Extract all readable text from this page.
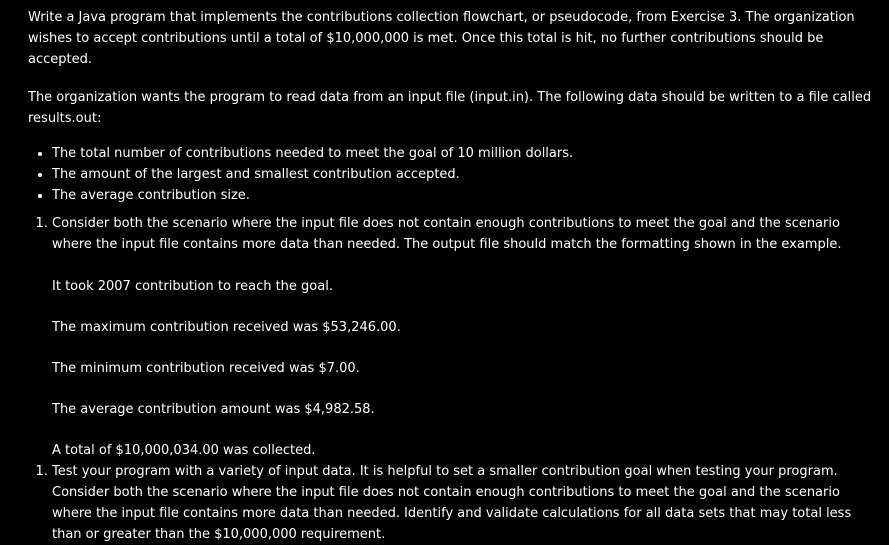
Write a Java program that implements the contributions collection flowchart, or pseudocode, from Exercise 3. The organization wishes to accept contributions until a total of $10,000,000 is met. Once this total is hit, no further contributions should be accepted.

The organization wants the program to read data from an input file (input.in). The following data should be written to a file called results.out:

• The total number of contributions needed to meet the goal of 10 million dollars.
• The amount of the largest and smallest contribution accepted.
• The average contribution size.

1. Consider both the scenario where the input file does not contain enough contributions to meet the goal and the scenario where the input file contains more data than needed. The output file should match the formatting shown in the example.

It took 2007 contribution to reach the goal.

The maximum contribution received was $53,246.00.

The minimum contribution received was $7.00.

The average contribution amount was $4,982.58.

A total of $10,000,034.00 was collected.

1. Test your program with a variety of input data. It is helpful to set a smaller contribution goal when testing your program. Consider both the scenario where the input file does not contain enough contributions to meet the goal and the scenario where the input file contains more data than needed. Identify and validate calculations for all data sets that may total less than or greater than the $10,000,000 requirement.
